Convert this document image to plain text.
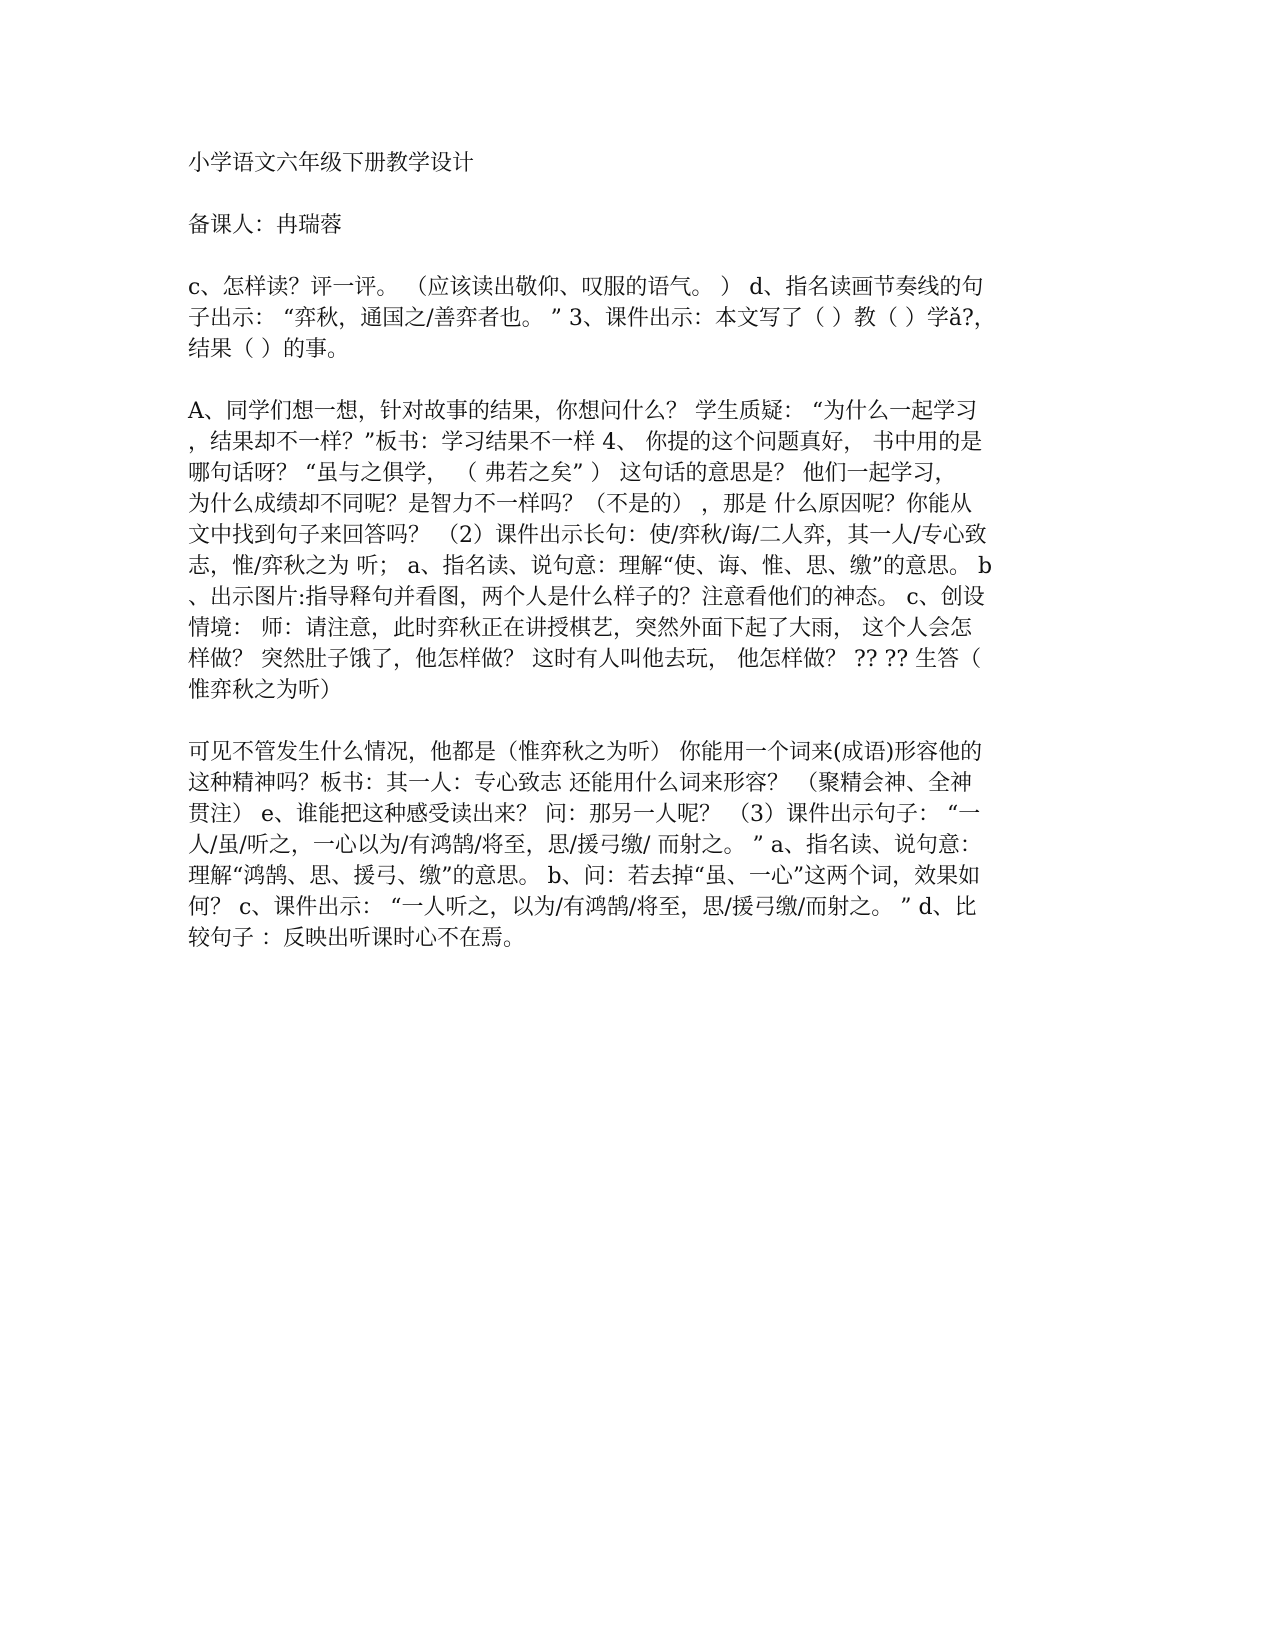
小学语文六年级下册教学设计
备课人：冉瑞蓉
c、怎样读？评一评。 （应该读出敬仰、叹服的语气。 ） d、指名读画节奏线的句
子出示： “弈秋，通国之/善弈者也。 ” 3、课件出示：本文写了（ ）教（ ）学ǎ?，
结果（ ）的事。
A、同学们想一想，针对故事的结果，你想问什么？ 学生质疑： “为什么一起学习
，结果却不一样？”板书：学习结果不一样 4、 你提的这个问题真好， 书中用的是
哪句话呀？ “虽与之俱学， （ 弗若之矣” ） 这句话的意思是？ 他们一起学习，
为什么成绩却不同呢？是智力不一样吗？（不是的） ，那是 什么原因呢？你能从
文中找到句子来回答吗？ （2）课件出示长句：使/弈秋/诲/二人弈，其一人/专心致
志，惟/弈秋之为 听； a、指名读、说句意：理解“使、诲、惟、思、缴”的意思。 b
、出示图片:指导释句并看图，两个人是什么样子的？注意看他们的神态。 c、创设
情境： 师：请注意，此时弈秋正在讲授棋艺，突然外面下起了大雨， 这个人会怎
样做？ 突然肚子饿了，他怎样做？ 这时有人叫他去玩， 他怎样做？ ?? ?? 生答（
惟弈秋之为听）
可见不管发生什么情况，他都是（惟弈秋之为听） 你能用一个词来(成语)形容他的
这种精神吗？板书：其一人：专心致志 还能用什么词来形容？ （聚精会神、全神
贯注） e、谁能把这种感受读出来？ 问：那另一人呢？ （3）课件出示句子： “一
人/虽/听之，一心以为/有鸿鹄/将至，思/援弓缴/ 而射之。 ” a、指名读、说句意：
理解“鸿鹄、思、援弓、缴”的意思。 b、问：若去掉“虽、一心”这两个词，效果如
何？ c、课件出示： “一人听之，以为/有鸿鹄/将至，思/援弓缴/而射之。 ” d、比
较句子 ：反映出听课时心不在焉。
